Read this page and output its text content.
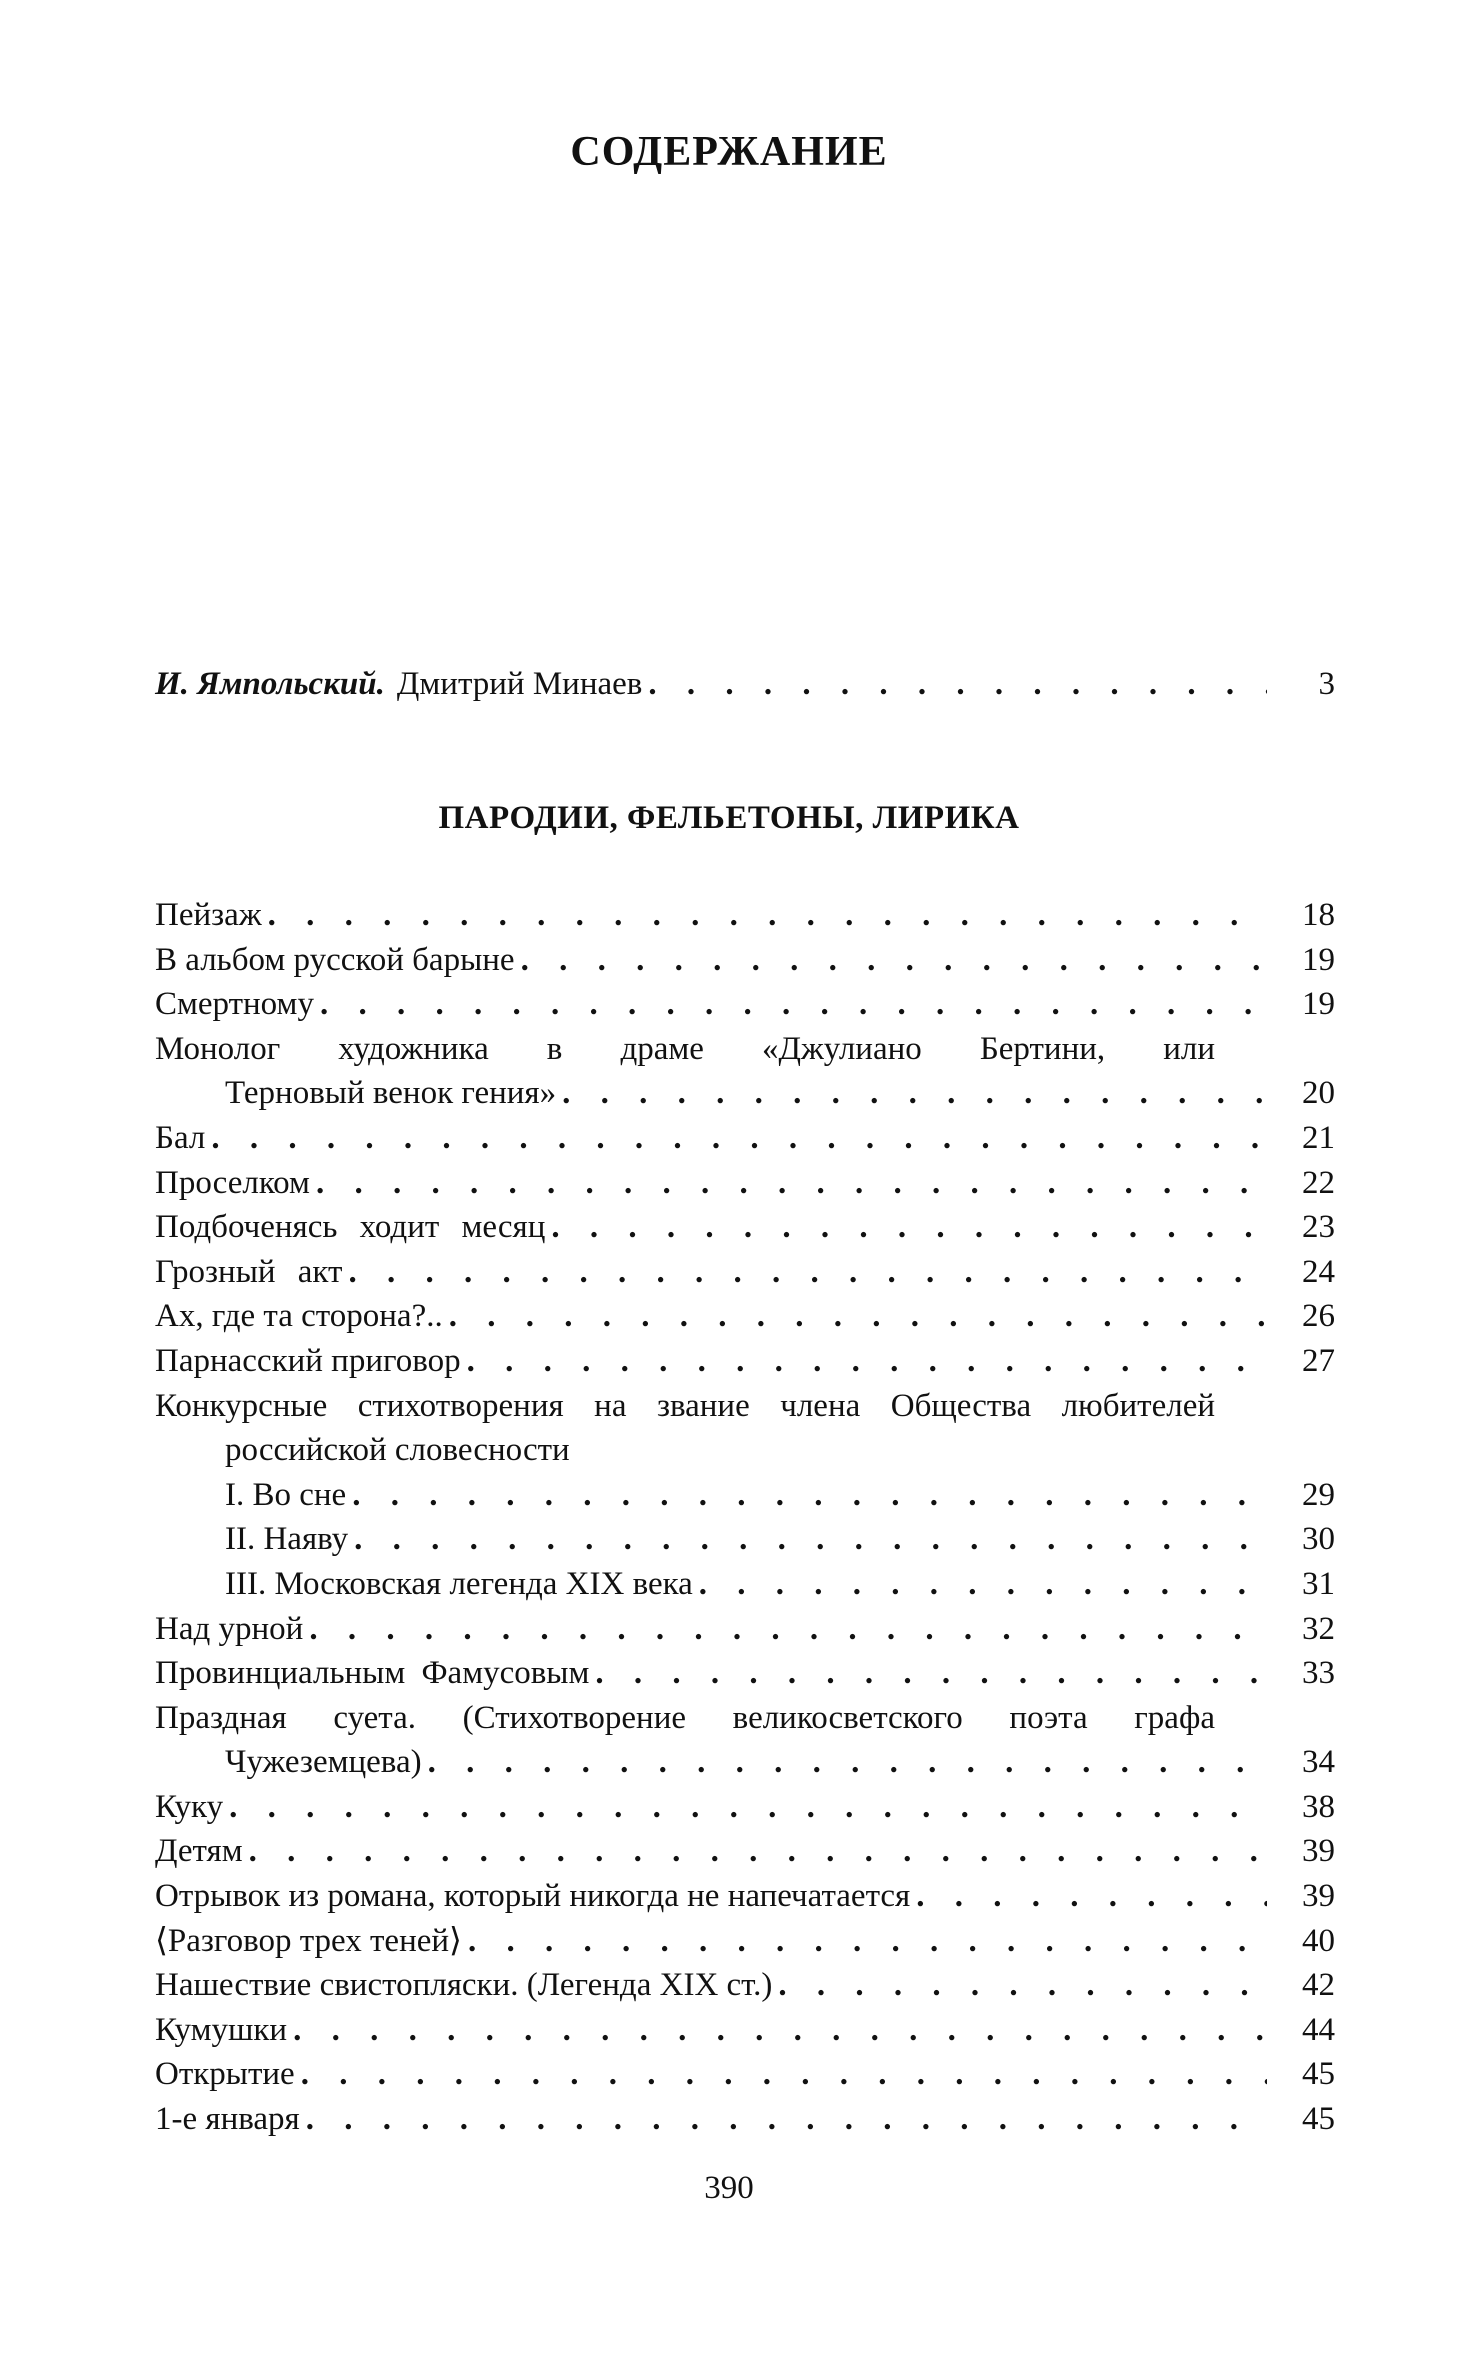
СОДЕРЖАНИЕ
И. Ямпольский. Дмитрий Минаев . . .	3
ПАРОДИИ, ФЕЛЬЕТОНЫ, ЛИРИКА
Пейзаж . . .	18
В альбом русской барыне . . .	19
Смертному . . .	19
Монолог художника в драме «Джулиано Бертини, или
Терновый венок гения» . . .	20
Бал . . .	21
Проселком . . .	22
Подбоченясь ходит месяц . . .	23
Грозный акт . . .	24
Ах, где та сторона?.. . . .	26
Парнасский приговор . . .	27
Конкурсные стихотворения на звание члена Общества любителей
российской словесности
I. Во сне . . .	29
II. Наяву . . .	30
III. Московская легенда XIX века . . .	31
Над урной . . .	32
Провинциальным Фамусовым . . .	33
Праздная суета. (Стихотворение великосветского поэта графа
Чужеземцева) . . .	34
Куку . . .	38
Детям . . .	39
Отрывок из романа, который никогда не напечатается . . .	39
⟨Разговор трех теней⟩ . . .	40
Нашествие свистопляски. (Легенда XIX ст.) . . .	42
Кумушки . . .	44
Открытие . . .	45
1-е января . . .	45
390
